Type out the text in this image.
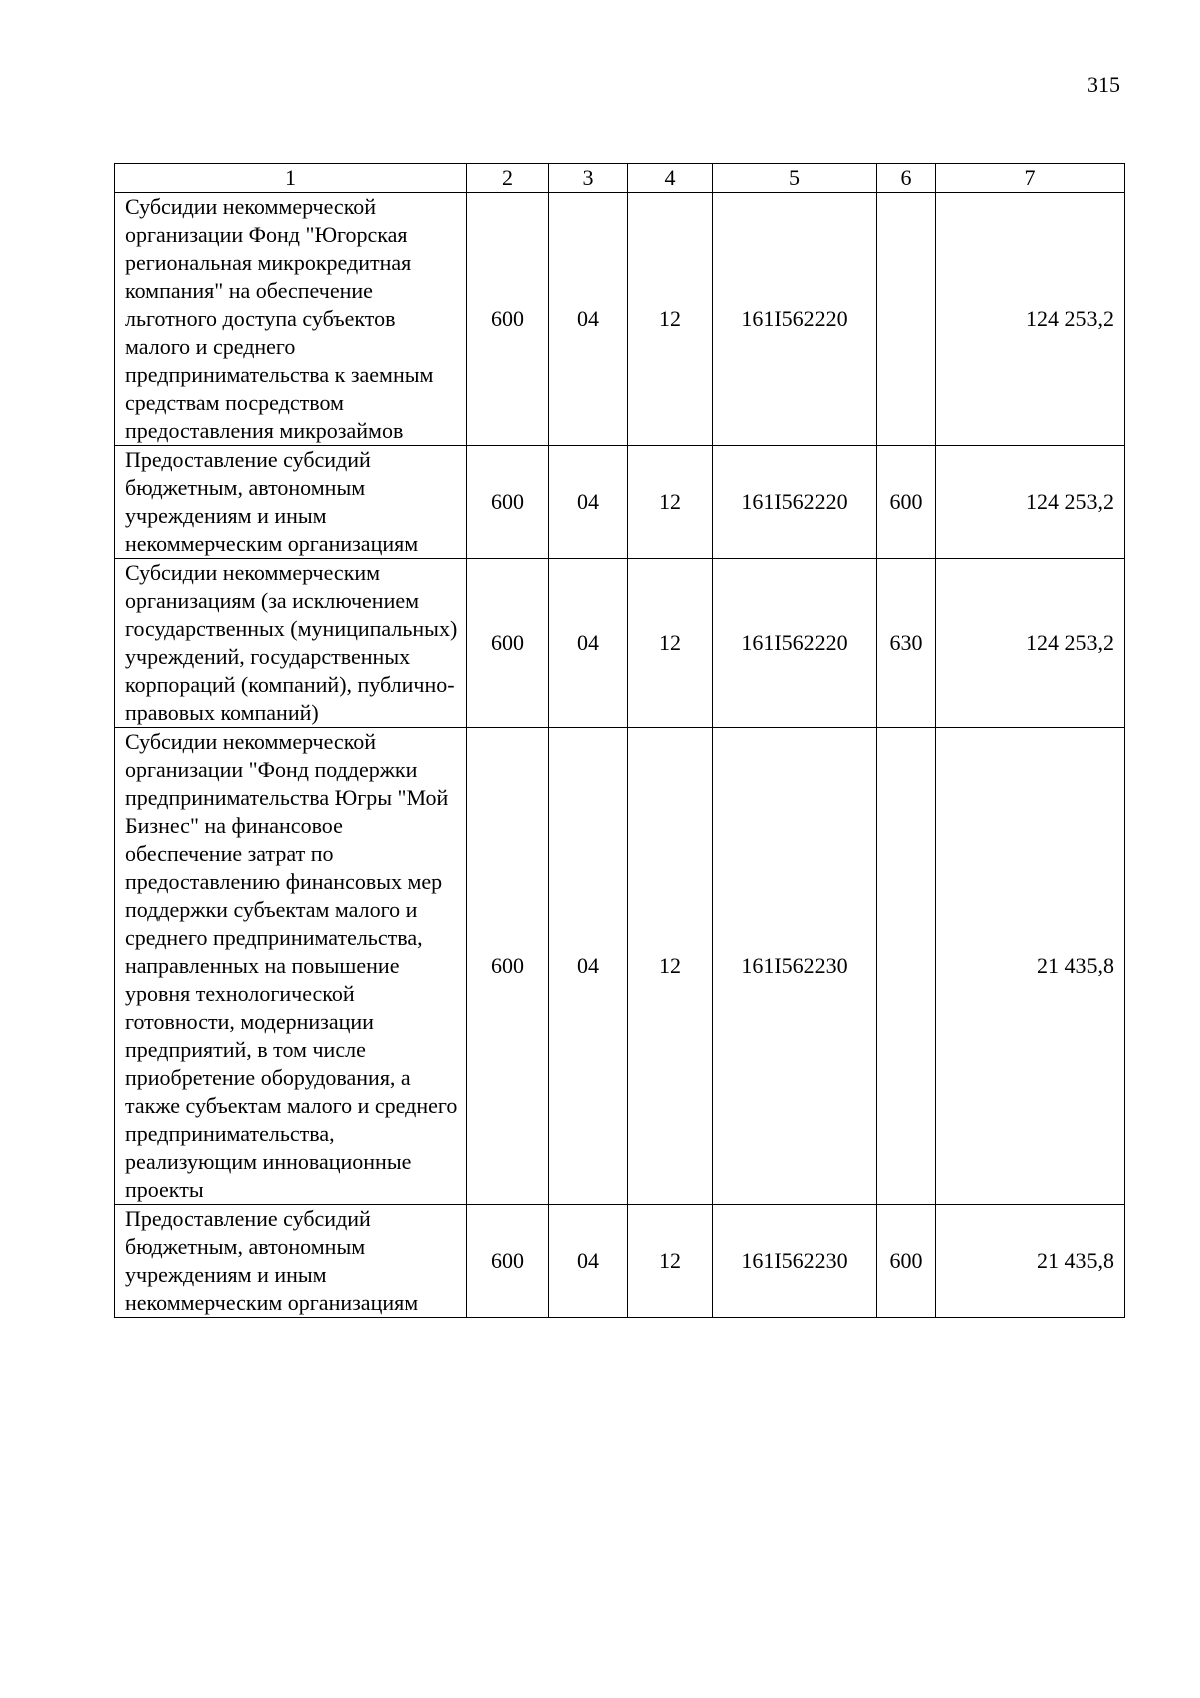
315
1	2	3	4	5	6	7
Субсидии некоммерческой организации Фонд "Югорская региональная микрокредитная компания" на обеспечение льготного доступа субъектов малого и среднего предпринимательства к заемным средствам посредством предоставления микрозаймов	600	04	12	161I562220		124 253,2
Предоставление субсидий бюджетным, автономным учреждениям и иным некоммерческим организациям	600	04	12	161I562220	600	124 253,2
Субсидии некоммерческим организациям (за исключением государственных (муниципальных) учреждений, государственных корпораций (компаний), публично-правовых компаний)	600	04	12	161I562220	630	124 253,2
Субсидии некоммерческой организации "Фонд поддержки предпринимательства Югры "Мой Бизнес" на финансовое обеспечение затрат по предоставлению финансовых мер поддержки субъектам малого и среднего предпринимательства, направленных на повышение уровня технологической готовности, модернизации предприятий, в том числе приобретение оборудования, а также субъектам малого и среднего предпринимательства, реализующим инновационные проекты	600	04	12	161I562230		21 435,8
Предоставление субсидий бюджетным, автономным учреждениям и иным некоммерческим организациям	600	04	12	161I562230	600	21 435,8
